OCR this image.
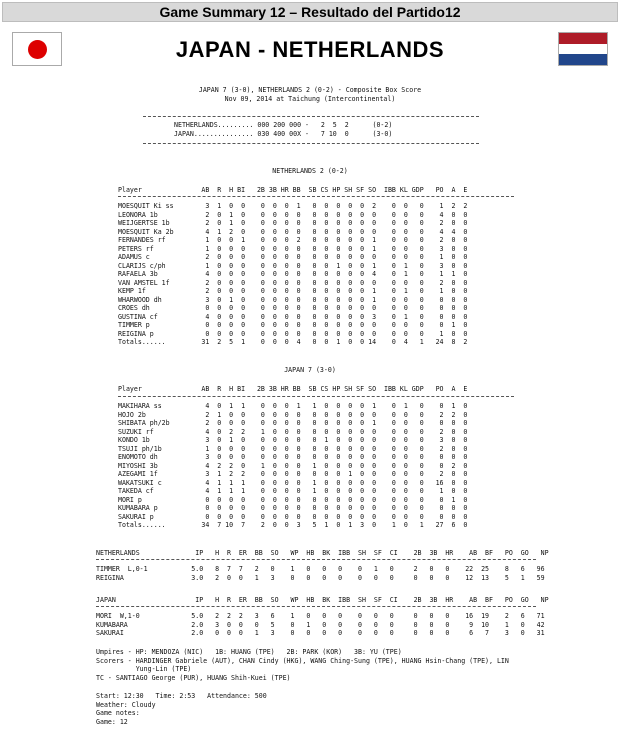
Game Summary 12 – Resultado del Partido12
JAPAN - NETHERLANDS
JAPAN 7 (3-0), NETHERLANDS 2 (0-2) - Composite Box Score
Nov 09, 2014 at Taichung (Intercontinental)
NETHERLANDS......... 000 200 000 -   2  5  2      (0-2)
JAPAN............... 030 400 00X -   7 10  0      (3-0)
NETHERLANDS 2 (0-2)
Player               AB  R  H BI   2B 3B HR BB  SB CS HP SH SF SO  IBB KL GDP   PO  A  E
MOESQUIT Ki ss        3  1  0  0    0  0  0  1   0  0  0  0  0  2    0  0   0    1  2  2
LEONORA 1b            2  0  1  0    0  0  0  0   0  0  0  0  0  0    0  0   0    4  0  0
WEIJGERTSE 1b         2  0  1  0    0  0  0  0   0  0  0  0  0  0    0  0   0    2  0  0
MOESQUIT Ka 2b        4  1  2  0    0  0  0  0   0  0  0  0  0  0    0  0   0    4  4  0
FERNANDES rf          1  0  0  1    0  0  0  2   0  0  0  0  0  1    0  0   0    2  0  0
PETERS rf             1  0  0  0    0  0  0  0   0  0  0  0  0  1    0  0   0    3  0  0
ADAMUS c              2  0  0  0    0  0  0  0   0  0  0  0  0  0    0  0   0    1  0  0
CLARIJS c/ph          1  0  0  0    0  0  0  0   0  0  1  0  0  1    0  1   0    3  0  0
RAFAELA 3b            4  0  0  0    0  0  0  0   0  0  0  0  0  4    0  1   0    1  1  0
VAN AMSTEL 1f         2  0  0  0    0  0  0  0   0  0  0  0  0  0    0  0   0    2  0  0
KEMP 1f               2  0  0  0    0  0  0  0   0  0  0  0  0  1    0  1   0    1  0  0
WHARWOOD dh           3  0  1  0    0  0  0  0   0  0  0  0  0  1    0  0   0    0  0  0
CROES dh              0  0  0  0    0  0  0  0   0  0  0  0  0  0    0  0   0    0  0  0
GUSTINA cf            4  0  0  0    0  0  0  0   0  0  0  0  0  3    0  1   0    0  0  0
TIMMER p              0  0  0  0    0  0  0  0   0  0  0  0  0  0    0  0   0    0  1  0
REIGINA p             0  0  0  0    0  0  0  0   0  0  0  0  0  0    0  0   0    1  0  0
Totals......         31  2  5  1    0  0  0  4   0  0  1  0  0 14    0  4   1   24  8  2
JAPAN 7 (3-0)
Player               AB  R  H BI   2B 3B HR BB  SB CS HP SH SF SO  IBB KL GDP   PO  A  E
MAKIHARA ss           4  0  1  1    0  0  0  1   1  0  0  0  0  1    0  1   0    0  1  0
HOJO 2b               2  1  0  0    0  0  0  0   0  0  0  0  0  0    0  0   0    2  2  0
SHIBATA ph/2b         2  0  0  0    0  0  0  0   0  0  0  0  0  1    0  0   0    0  0  0
SUZUKI rf             4  0  2  2    1  0  0  0   0  0  0  0  0  0    0  0   0    2  0  0
KONDO 1b              3  0  1  0    0  0  0  0   0  1  0  0  0  0    0  0   0    3  0  0
TSUJI ph/1b           1  0  0  0    0  0  0  0   0  0  0  0  0  0    0  0   0    2  0  0
ENOMOTO dh            3  0  0  0    0  0  0  0   0  0  0  0  0  0    0  0   0    0  0  0
MIYOSHI 3b            4  2  2  0    1  0  0  0   1  0  0  0  0  0    0  0   0    0  2  0
AZEGAMI 1f            3  1  2  2    0  0  0  0   0  0  0  1  0  0    0  0   0    2  0  0
WAKATSUKI c           4  1  1  1    0  0  0  0   1  0  0  0  0  0    0  0   0   16  0  0
TAKEDA cf             4  1  1  1    0  0  0  0   1  0  0  0  0  0    0  0   0    1  0  0
MORI p                0  0  0  0    0  0  0  0   0  0  0  0  0  0    0  0   0    0  1  0
KUMABARA p            0  0  0  0    0  0  0  0   0  0  0  0  0  0    0  0   0    0  0  0
SAKURAI p             0  0  0  0    0  0  0  0   0  0  0  0  0  0    0  0   0    0  0  0
Totals......         34  7 10  7    2  0  0  3   5  1  0  1  3  0    1  0   1   27  6  0
NETHERLANDS              IP   H  R  ER  BB  SO   WP  HB  BK  IBB  SH  SF  CI    2B  3B  HR    AB  BF   PO  GO   NP
TIMMER  L,0-1           5.0   8  7  7   2   0    1   0   0   0    0   1   0     2   0   0    22  25    8   6   96
REIGINA                 3.0   2  0  0   1   3    0   0   0   0    0   0   0     0   0   0    12  13    5   1   59
JAPAN                    IP   H  R  ER  BB  SO   WP  HB  BK  IBB  SH  SF  CI    2B  3B  HR    AB  BF   PO  GO   NP
MORI  W,1-0             5.0   2  2  2   3   6    1   0   0   0    0   0   0     0   0   0    16  19    2   6   71
KUMABARA                2.0   3  0  0   0   5    0   1   0   0    0   0   0     0   0   0     9  10    1   0   42
SAKURAI                 2.0   0  0  0   1   3    0   0   0   0    0   0   0     0   0   0     6   7    3   0   31
Umpires - HP: MENDOZA (NIC)   1B: HUANG (TPE)   2B: PARK (KOR)   3B: YU (TPE)
Scorers - HARDINGER Gabriele (AUT), CHAN Cindy (HKG), WANG Ching-Sung (TPE), HUANG Hsin-Chang (TPE), LIN
Yung-Lin (TPE)
TC - SANTIAGO George (PUR), HUANG Shih-Kuei (TPE)
Start: 12:30   Time: 2:53   Attendance: 500
Weather: Cloudy
Game notes:
Game: 12
